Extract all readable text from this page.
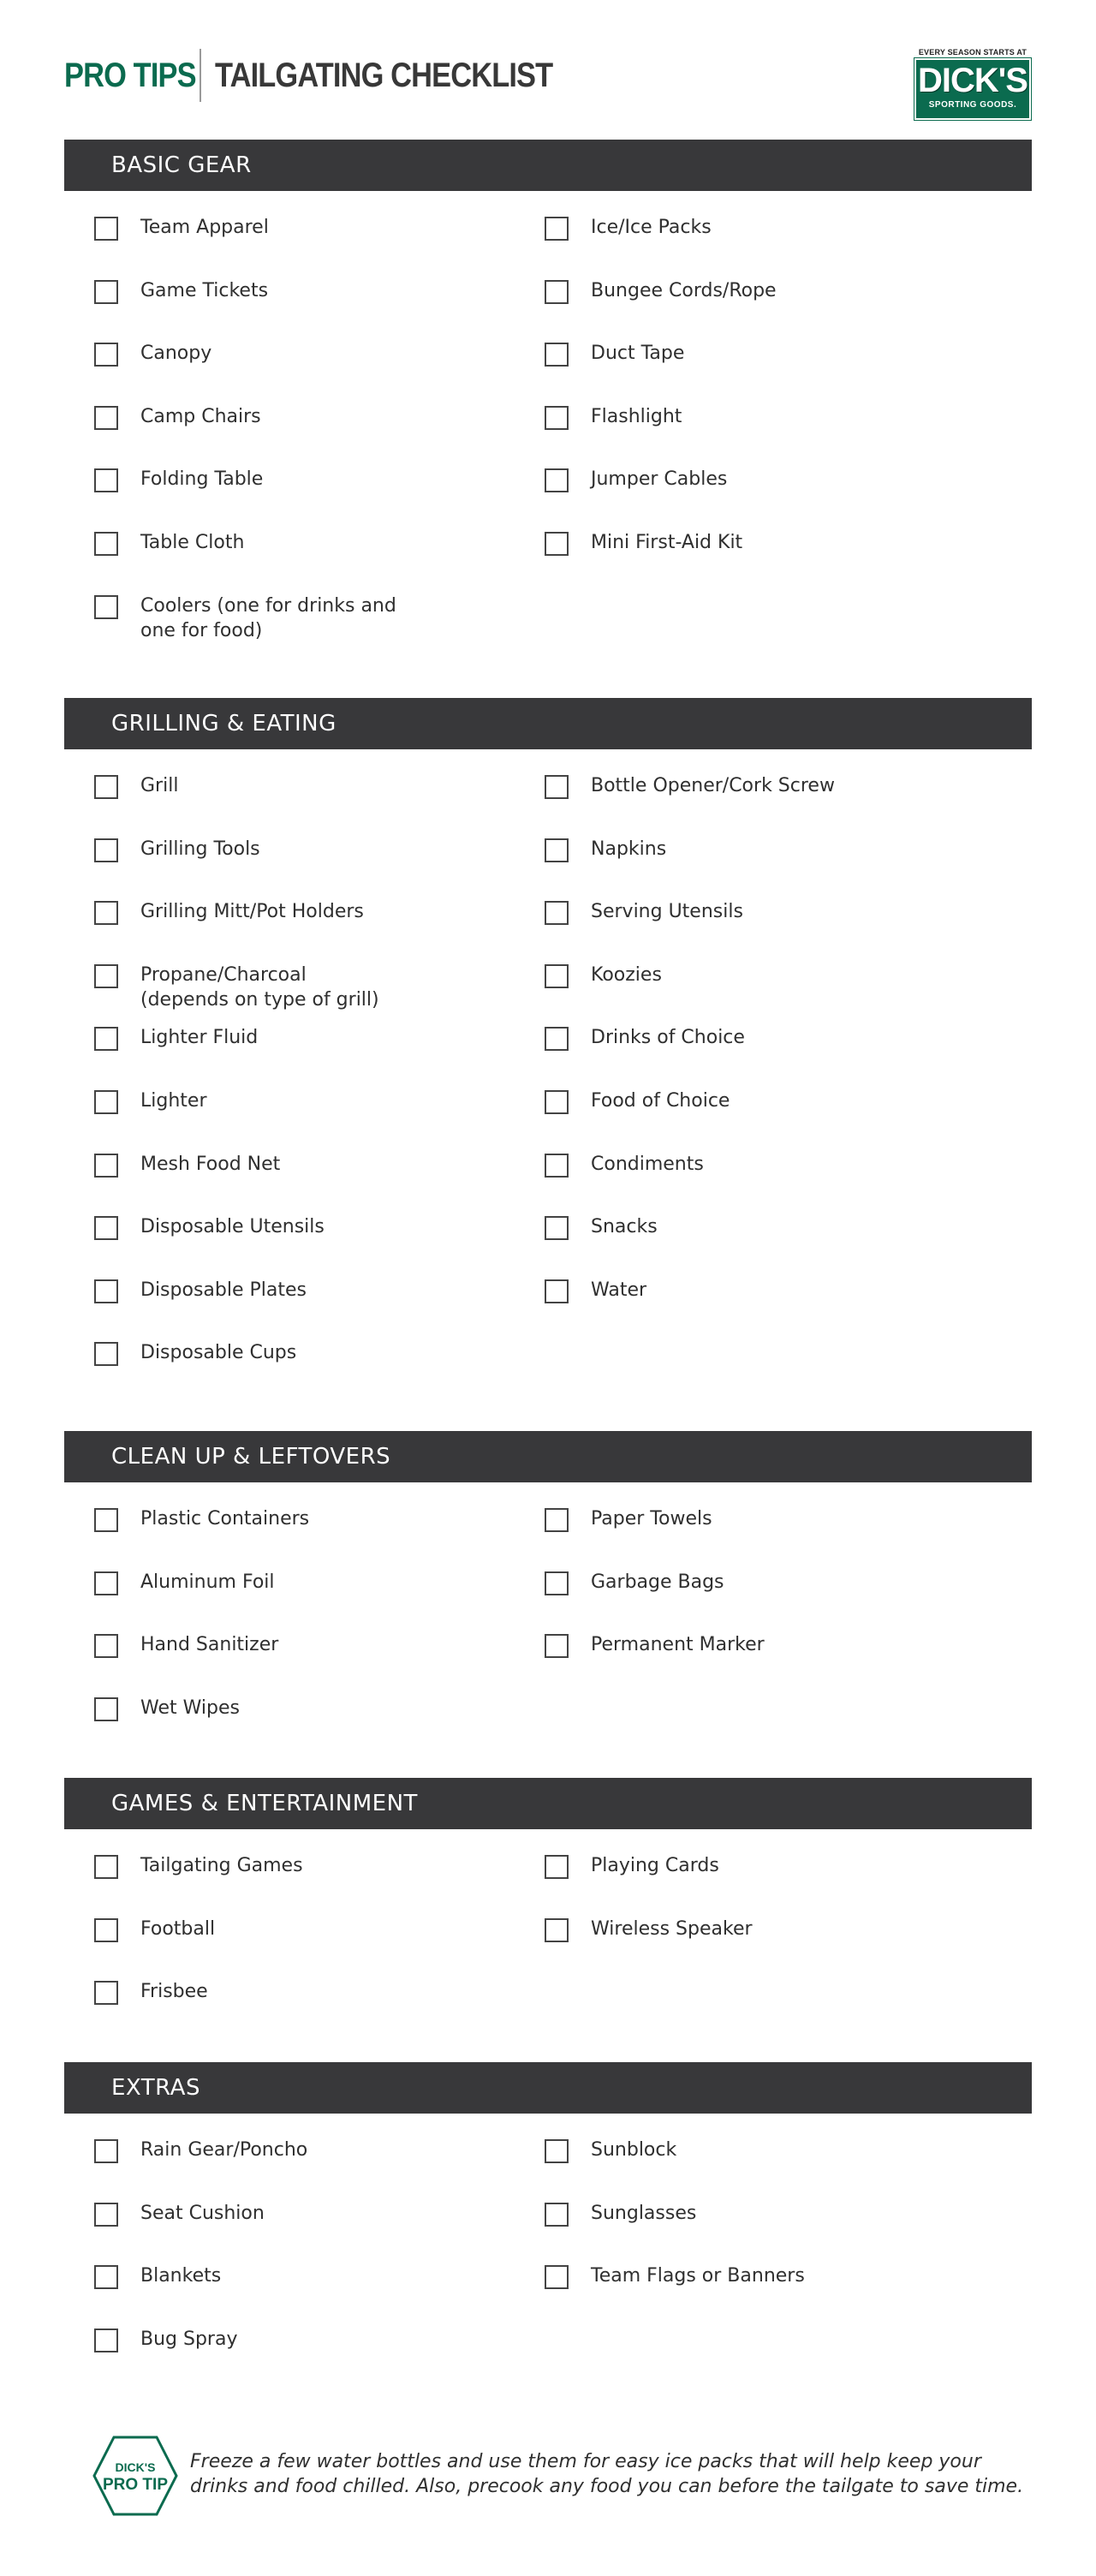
PRO TIPS TAILGATING CHECKLIST
EVERY SEASON STARTS AT
DICK'S
SPORTING GOODS.
BASIC GEAR
Team Apparel
Game Tickets
Canopy
Camp Chairs
Folding Table
Table Cloth
Coolers (one for drinks and
one for food)
Ice/Ice Packs
Bungee Cords/Rope
Duct Tape
Flashlight
Jumper Cables
Mini First-Aid Kit
GRILLING & EATING
Grill
Grilling Tools
Grilling Mitt/Pot Holders
Propane/Charcoal
(depends on type of grill)
Lighter Fluid
Lighter
Mesh Food Net
Disposable Utensils
Disposable Plates
Disposable Cups
Bottle Opener/Cork Screw
Napkins
Serving Utensils
Koozies
Drinks of Choice
Food of Choice
Condiments
Snacks
Water
CLEAN UP & LEFTOVERS
Plastic Containers
Aluminum Foil
Hand Sanitizer
Wet Wipes
Paper Towels
Garbage Bags
Permanent Marker
GAMES & ENTERTAINMENT
Tailgating Games
Football
Frisbee
Playing Cards
Wireless Speaker
EXTRAS
Rain Gear/Poncho
Seat Cushion
Blankets
Bug Spray
Sunblock
Sunglasses
Team Flags or Banners
DICK'S
PRO TIP
Freeze a few water bottles and use them for easy ice packs that will help keep your drinks and food chilled. Also, precook any food you can before the tailgate to save time.
